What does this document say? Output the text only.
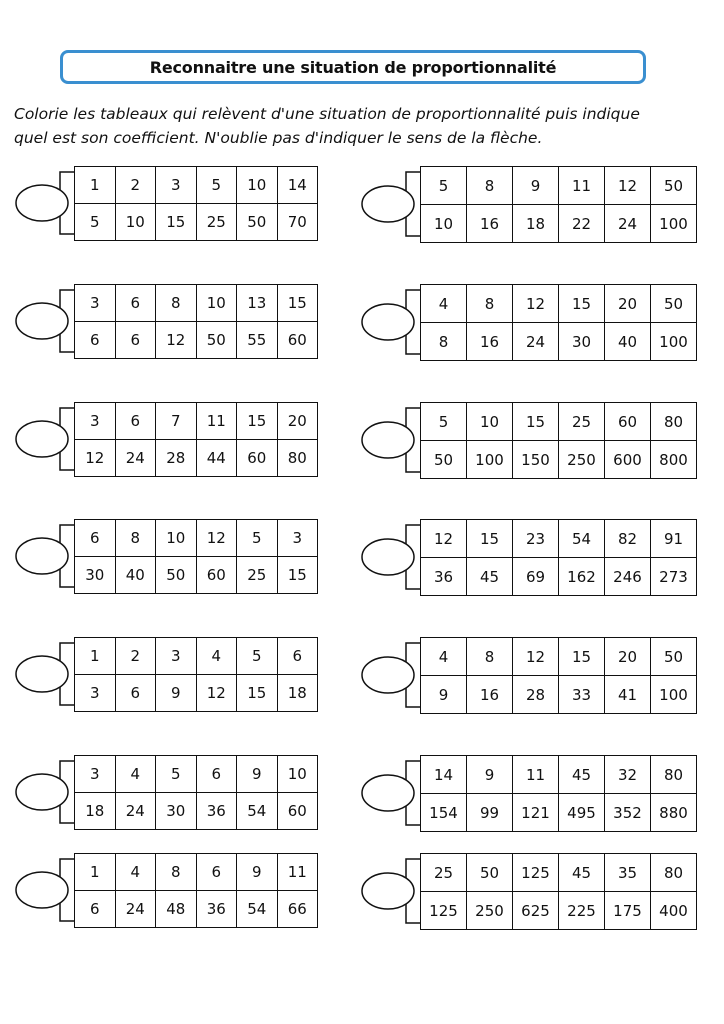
Reconnaitre une situation de proportionnalité
Colorie les tableaux qui relèvent d'une situation de proportionnalité puis indique
quel est son coefficient. N'oublie pas d'indiquer le sens de la flèche.
1	2	3	5	10	14
5	10	15	25	50	70
3	6	8	10	13	15
6	6	12	50	55	60
3	6	7	11	15	20
12	24	28	44	60	80
6	8	10	12	5	3
30	40	50	60	25	15
1	2	3	4	5	6
3	6	9	12	15	18
3	4	5	6	9	10
18	24	30	36	54	60
1	4	8	6	9	11
6	24	48	36	54	66
5	8	9	11	12	50
10	16	18	22	24	100
4	8	12	15	20	50
8	16	24	30	40	100
5	10	15	25	60	80
50	100	150	250	600	800
12	15	23	54	82	91
36	45	69	162	246	273
4	8	12	15	20	50
9	16	28	33	41	100
14	9	11	45	32	80
154	99	121	495	352	880
25	50	125	45	35	80
125	250	625	225	175	400
